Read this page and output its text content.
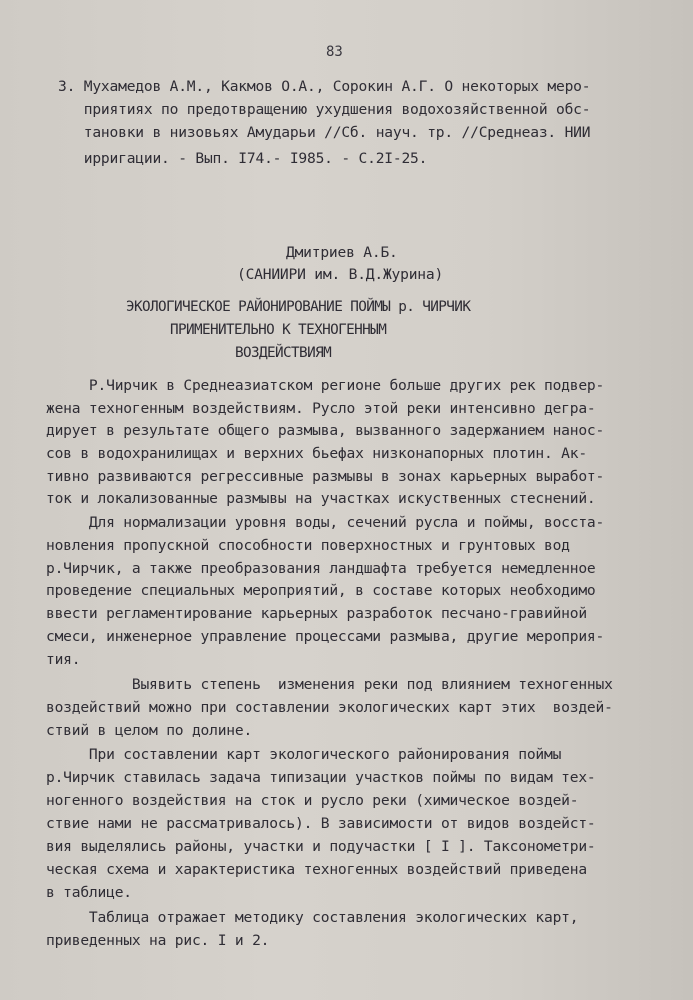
83
3. Мухамедов А.М., Какмов О.А., Сорокин А.Г. О некоторых меро-
приятиях по предотвращению ухудшения водохозяйственной обс-
тановки в низовьях Амударьи //Сб. науч. тр. //Среднеаз. НИИ
ирригации. - Вып. I74.- I985. - С.2I-25.
Дмитриев А.Б.
(САНИИРИ им. В.Д.Журина)
ЭКОЛОГИЧЕСКОЕ РАЙОНИРОВАНИЕ ПОЙМЫ р. ЧИРЧИК
ПРИМЕНИТЕЛЬНО К ТЕХНОГЕННЫМ
ВОЗДЕЙСТВИЯМ
Р.Чирчик в Среднеазиатском регионе больше других рек подвер-
жена техногенным воздействиям. Русло этой реки интенсивно дегра-
дирует в результате общего размыва, вызванного задержанием нанос-
сов в водохранилищах и верхних бьефах низконапорных плотин. Ак-
тивно развиваются регрессивные размывы в зонах карьерных выработ-
ток и локализованные размывы на участках искуственных стеснений.
Для нормализации уровня воды, сечений русла и поймы, восста-
новления пропускной способности поверхностных и грунтовых вод
р.Чирчик, а также преобразования ландшафта требуется немедленное
проведение специальных мероприятий, в составе которых необходимо
ввести регламентирование карьерных разработок песчано-гравийной
смеси, инженерное управление процессами размыва, другие мероприя-
тия.
Выявить степень  изменения реки под влиянием техногенных
воздействий можно при составлении экологических карт этих  воздей-
ствий в целом по долине.
При составлении карт экологического районирования поймы
р.Чирчик ставилась задача типизации участков поймы по видам тех-
ногенного воздействия на сток и русло реки (химическое воздей-
ствие нами не рассматривалось). В зависимости от видов воздейст-
вия выделялись районы, участки и подучастки [ I ]. Таксонометри-
ческая схема и характеристика техногенных воздействий приведена
в таблице.
Таблица отражает методику составления экологических карт,
приведенных на рис. I и 2.
